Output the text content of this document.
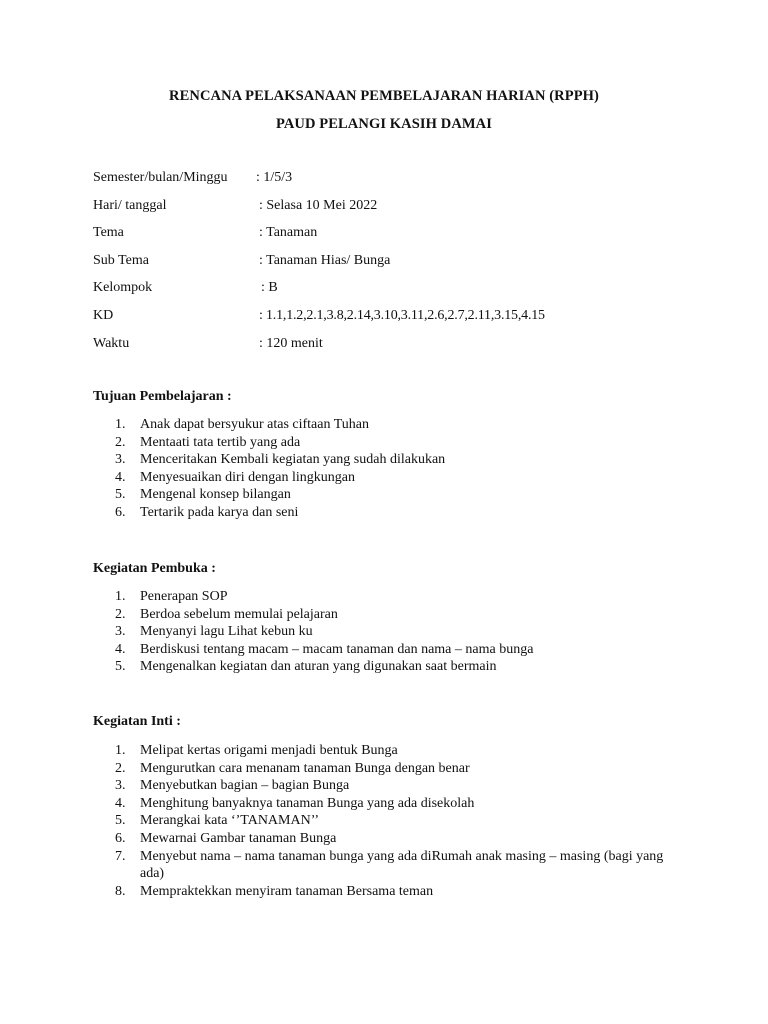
RENCANA PELAKSANAAN PEMBELAJARAN HARIAN (RPPH)
PAUD PELANGI KASIH DAMAI
Semester/bulan/Minggu : 1/5/3
Hari/ tanggal	: Selasa 10 Mei 2022
Tema	: Tanaman
Sub Tema	: Tanaman Hias/ Bunga
Kelompok	: B
KD	: 1.1,1.2,2.1,3.8,2.14,3.10,3.11,2.6,2.7,2.11,3.15,4.15
Waktu	: 120 menit
Tujuan Pembelajaran :
1. Anak dapat bersyukur atas ciftaan Tuhan
2. Mentaati tata tertib yang ada
3. Menceritakan Kembali kegiatan yang sudah dilakukan
4. Menyesuaikan diri dengan lingkungan
5. Mengenal konsep bilangan
6. Tertarik pada karya dan seni
Kegiatan Pembuka :
1. Penerapan SOP
2. Berdoa sebelum memulai pelajaran
3. Menyanyi lagu Lihat kebun ku
4. Berdiskusi tentang macam – macam tanaman dan nama – nama bunga
5. Mengenalkan kegiatan dan aturan yang digunakan saat bermain
Kegiatan Inti :
1. Melipat kertas origami menjadi bentuk Bunga
2. Mengurutkan cara menanam tanaman Bunga dengan benar
3. Menyebutkan bagian – bagian Bunga
4. Menghitung banyaknya tanaman Bunga yang ada disekolah
5. Merangkai kata ‘’TANAMAN’’
6. Mewarnai Gambar tanaman Bunga
7. Menyebut nama – nama tanaman bunga yang ada diRumah anak masing – masing (bagi yang ada)
8. Mempraktekkan menyiram tanaman Bersama teman
